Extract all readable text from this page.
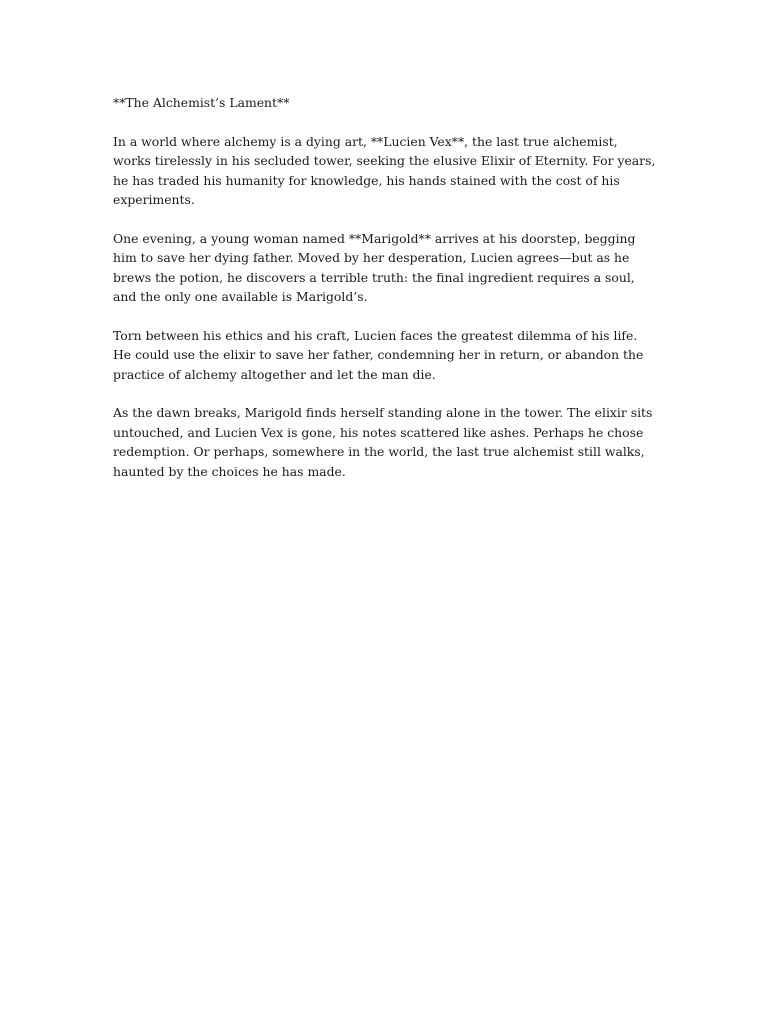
**The Alchemist’s Lament**

In a world where alchemy is a dying art, **Lucien Vex**, the last true alchemist, works tirelessly in his secluded tower, seeking the elusive Elixir of Eternity. For years, he has traded his humanity for knowledge, his hands stained with the cost of his experiments.

One evening, a young woman named **Marigold** arrives at his doorstep, begging him to save her dying father. Moved by her desperation, Lucien agrees—but as he brews the potion, he discovers a terrible truth: the final ingredient requires a soul, and the only one available is Marigold’s.

Torn between his ethics and his craft, Lucien faces the greatest dilemma of his life. He could use the elixir to save her father, condemning her in return, or abandon the practice of alchemy altogether and let the man die.

As the dawn breaks, Marigold finds herself standing alone in the tower. The elixir sits untouched, and Lucien Vex is gone, his notes scattered like ashes. Perhaps he chose redemption. Or perhaps, somewhere in the world, the last true alchemist still walks, haunted by the choices he has made.
